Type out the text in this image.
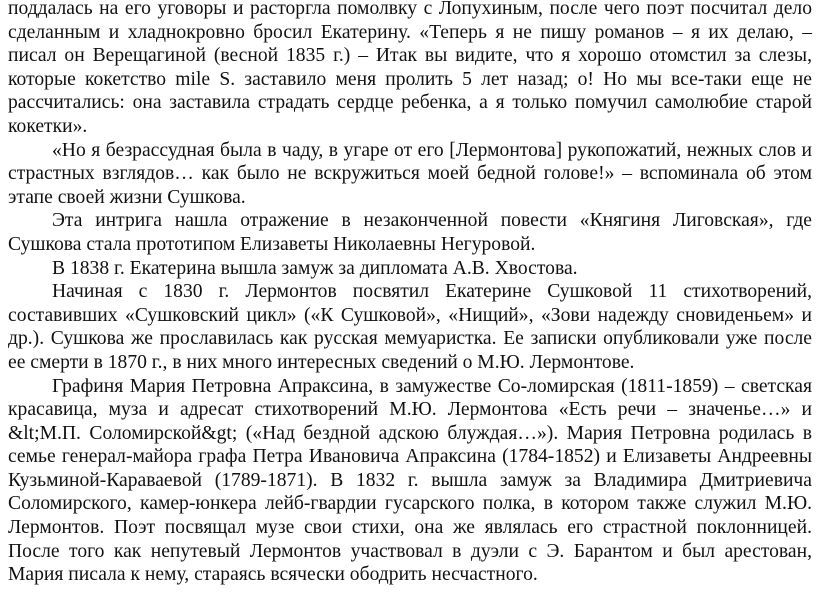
поддалась на его уговоры и расторгла помолвку с Лопухиным, после чего поэт посчитал дело сделанным и хладнокровно бросил Екатерину. «Теперь я не пишу романов – я их делаю, – писал он Верещагиной (весной 1835 г.) – Итак вы видите, что я хорошо отомстил за слезы, которые кокетство mile S. заставило меня пролить 5 лет назад; о! Но мы все-таки еще не рассчитались: она заставила страдать сердце ребенка, а я только помучил самолюбие старой кокетки».

«Но я безрассудная была в чаду, в угаре от его [Лермонтова] рукопожатий, нежных слов и страстных взглядов… как было не вскружиться моей бедной голове!» – вспоминала об этом этапе своей жизни Сушкова.

Эта интрига нашла отражение в незаконченной повести «Княгиня Лиговская», где Сушкова стала прототипом Елизаветы Николаевны Негуровой.

В 1838 г. Екатерина вышла замуж за дипломата А.В. Хвостова.

Начиная с 1830 г. Лермонтов посвятил Екатерине Сушковой 11 стихотворений, составивших «Сушковский цикл» («К Сушковой», «Нищий», «Зови надежду сновиденьем» и др.). Сушкова же прославилась как русская мемуаристка. Ее записки опубликовали уже после ее смерти в 1870 г., в них много интересных сведений о М.Ю. Лермонтове.

Графиня Мария Петровна Апраксина, в замужестве Со-ломирская (1811-1859) – светская красавица, муза и адресат стихотворений М.Ю. Лермонтова «Есть речи – значенье…» и &lt;М.П. Соломирской&gt; («Над бездной адскою блуждая…»). Мария Петровна родилась в семье генерал-майора графа Петра Ивановича Апраксина (1784-1852) и Елизаветы Андреевны Кузьминой-Караваевой (1789-1871). В 1832 г. вышла замуж за Владимира Дмитриевича Соломирского, камер-юнкера лейб-гвардии гусарского полка, в котором также служил М.Ю. Лермонтов. Поэт посвящал музе свои стихи, она же являлась его страстной поклонницей. После того как непутевый Лермонтов участвовал в дуэли с Э. Барантом и был арестован, Мария писала к нему, стараясь всячески ободрить несчастного.
